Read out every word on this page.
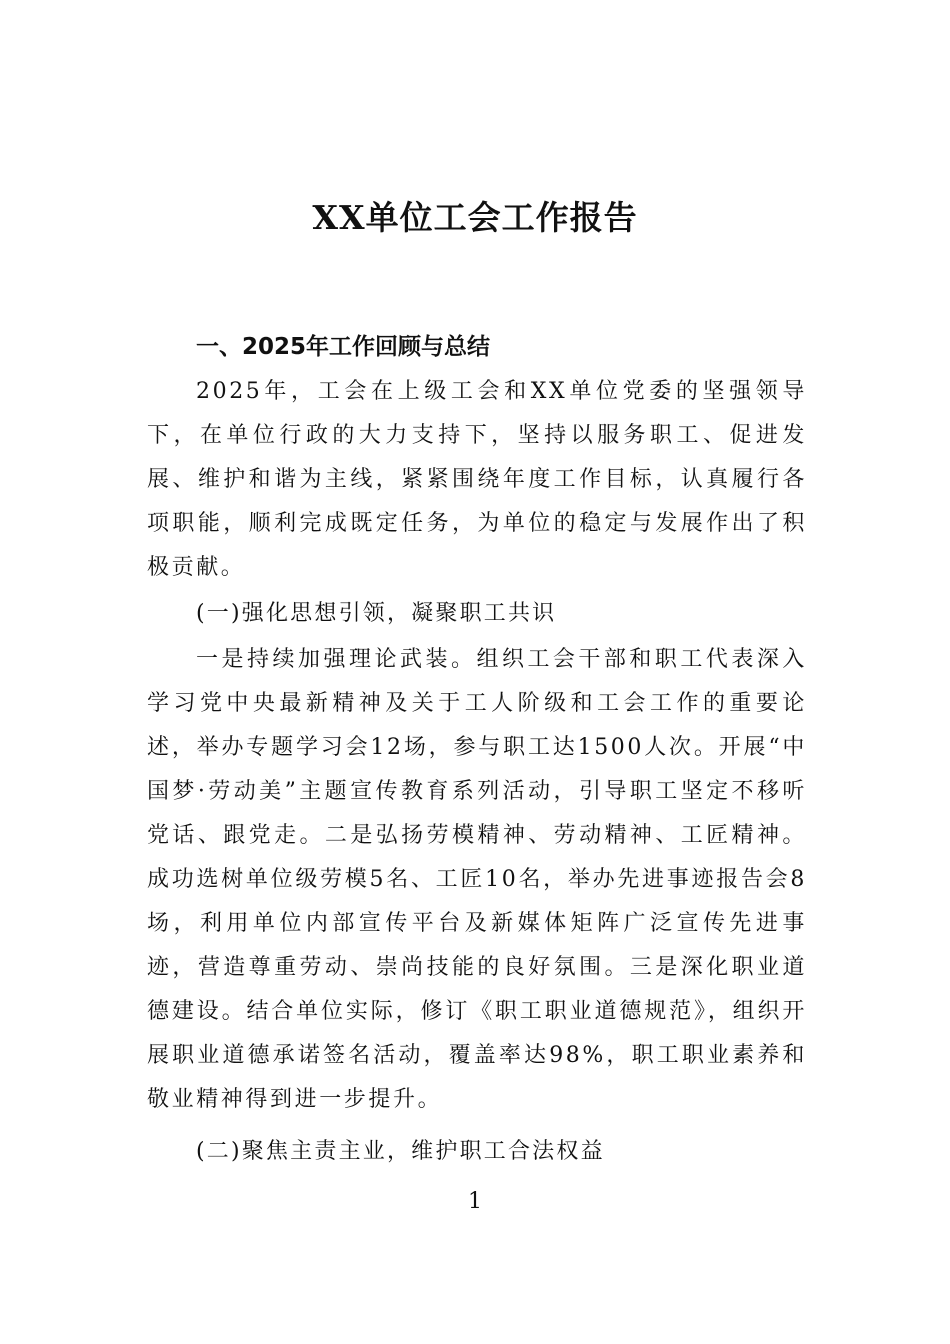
XX单位工会工作报告
一、2025年工作回顾与总结
2025年，工会在上级工会和XX单位党委的坚强领导下，在单位行政的大力支持下，坚持以服务职工、促进发展、维护和谐为主线，紧紧围绕年度工作目标，认真履行各项职能，顺利完成既定任务，为单位的稳定与发展作出了积极贡献。
(一)强化思想引领，凝聚职工共识
一是持续加强理论武装。组织工会干部和职工代表深入学习党中央最新精神及关于工人阶级和工会工作的重要论述，举办专题学习会12场，参与职工达1500人次。开展“中国梦·劳动美”主题宣传教育系列活动，引导职工坚定不移听党话、跟党走。二是弘扬劳模精神、劳动精神、工匠精神。成功选树单位级劳模5名、工匠10名，举办先进事迹报告会8场，利用单位内部宣传平台及新媒体矩阵广泛宣传先进事迹，营造尊重劳动、崇尚技能的良好氛围。三是深化职业道德建设。结合单位实际，修订《职工职业道德规范》，组织开展职业道德承诺签名活动，覆盖率达98%，职工职业素养和敬业精神得到进一步提升。
(二)聚焦主责主业，维护职工合法权益
1
